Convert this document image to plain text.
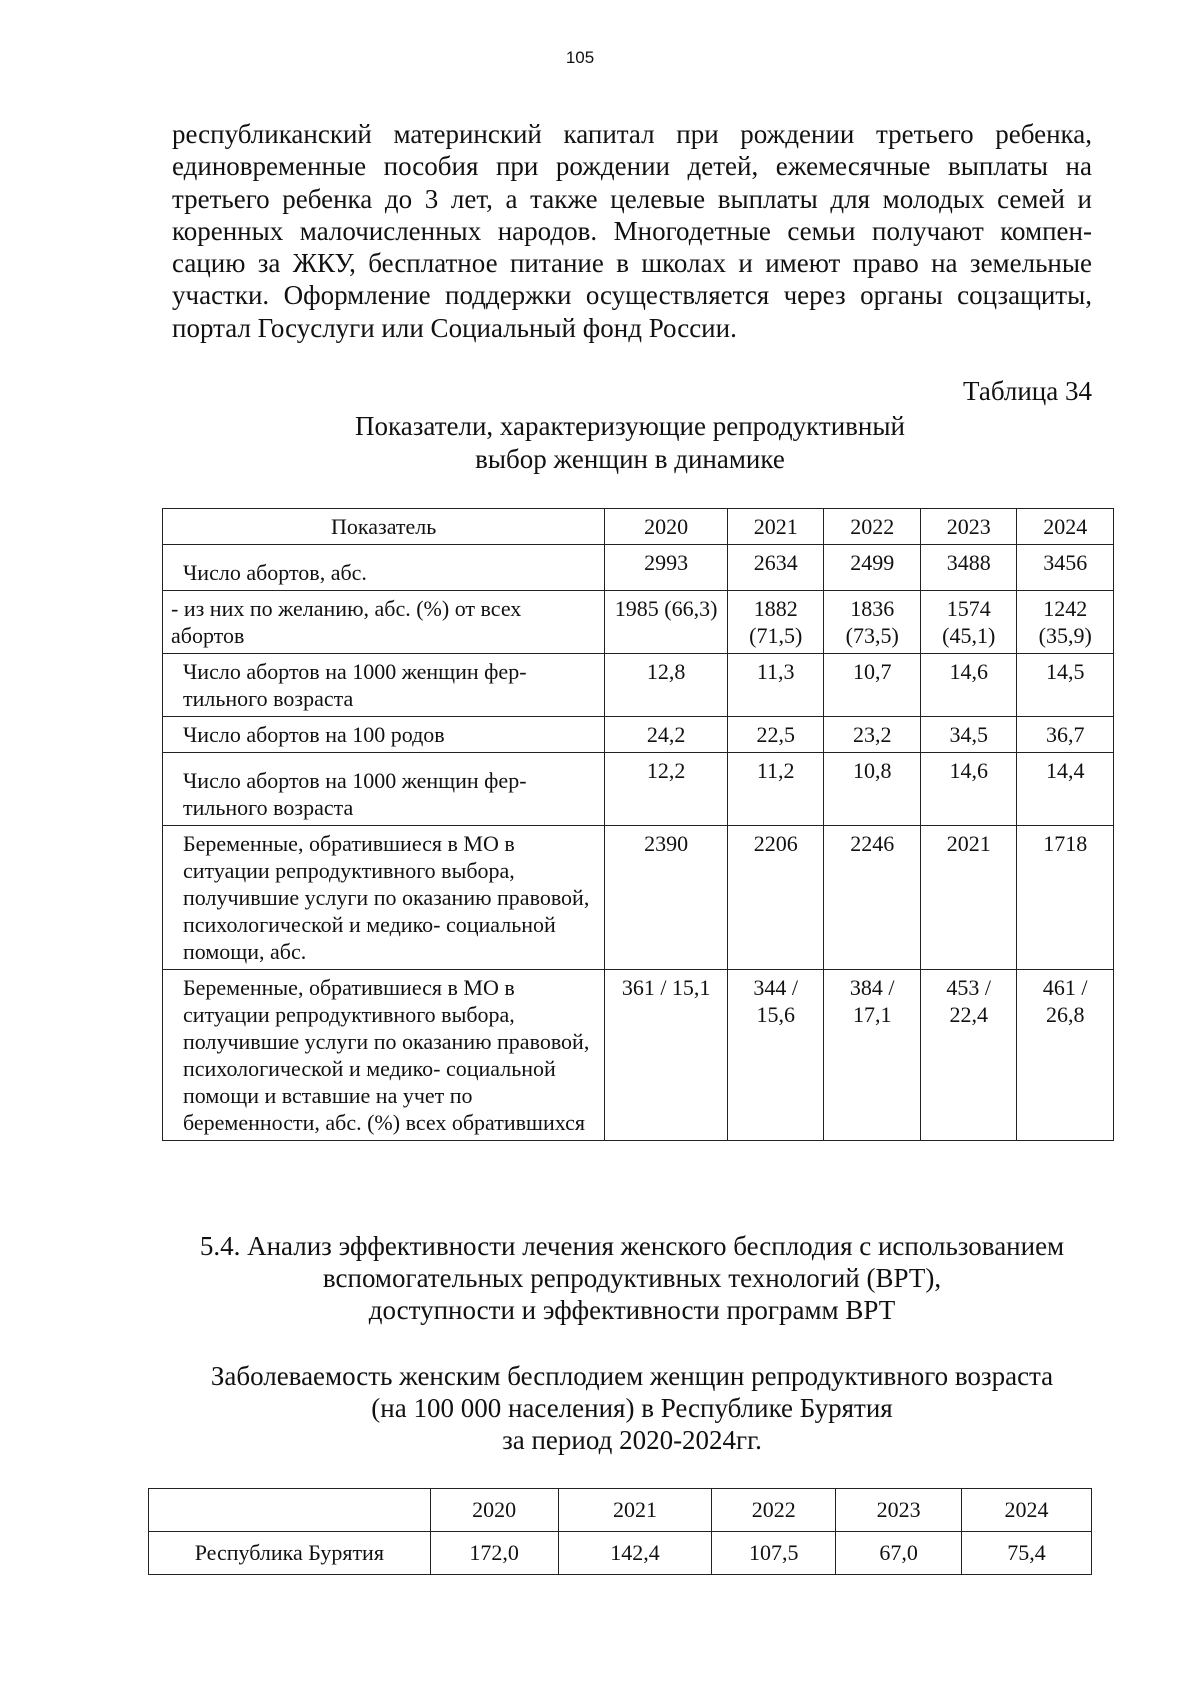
105

республиканский материнский капитал при рождении третьего ребенка, единовременные пособия при рождении детей, ежемесячные выплаты на третьего ребенка до 3 лет, а также целевые выплаты для молодых семей и коренных малочисленных народов. Многодетные семьи получают компенсацию за ЖКУ, бесплатное питание в школах и имеют право на земельные участки. Оформление поддержки осуществляется через органы соцзащиты, портал Госуслуги или Социальный фонд России.

Таблица 34
Показатели, характеризующие репродуктивный
выбор женщин в динамике
Показатель	2020	2021	2022	2023	2024
Число абортов, абс.	2993	2634	2499	3488	3456
- из них по желанию, абс. (%) от всех абортов	1985 (66,3)	1882 (71,5)	1836 (73,5)	1574 (45,1)	1242 (35,9)
Число абортов на 1000 женщин фертильного возраста	12,8	11,3	10,7	14,6	14,5
Число абортов на 100 родов	24,2	22,5	23,2	34,5	36,7
Число абортов на 1000 женщин фертильного возраста	12,2	11,2	10,8	14,6	14,4
Беременные, обратившиеся в МО в ситуации репродуктивного выбора, получившие услуги по оказанию правовой, психологической и медико- социальной помощи, абс.	2390	2206	2246	2021	1718
Беременные, обратившиеся в МО в ситуации репродуктивного выбора, получившие услуги по оказанию правовой, психологической и медико- социальной помощи и вставшие на учет по беременности, абс. (%) всех обратившихся	361 / 15,1	344 / 15,6	384 / 17,1	453 / 22,4	461 / 26,8
5.4. Анализ эффективности лечения женского бесплодия с использованием
вспомогательных репродуктивных технологий (ВРТ),
доступности и эффективности программ ВРТ
Заболеваемость женским бесплодием женщин репродуктивного возраста
(на 100 000 населения) в Республике Бурятия
за период 2020-2024гг.
	2020	2021	2022	2023	2024
Республика Бурятия	172,0	142,4	107,5	67,0	75,4
